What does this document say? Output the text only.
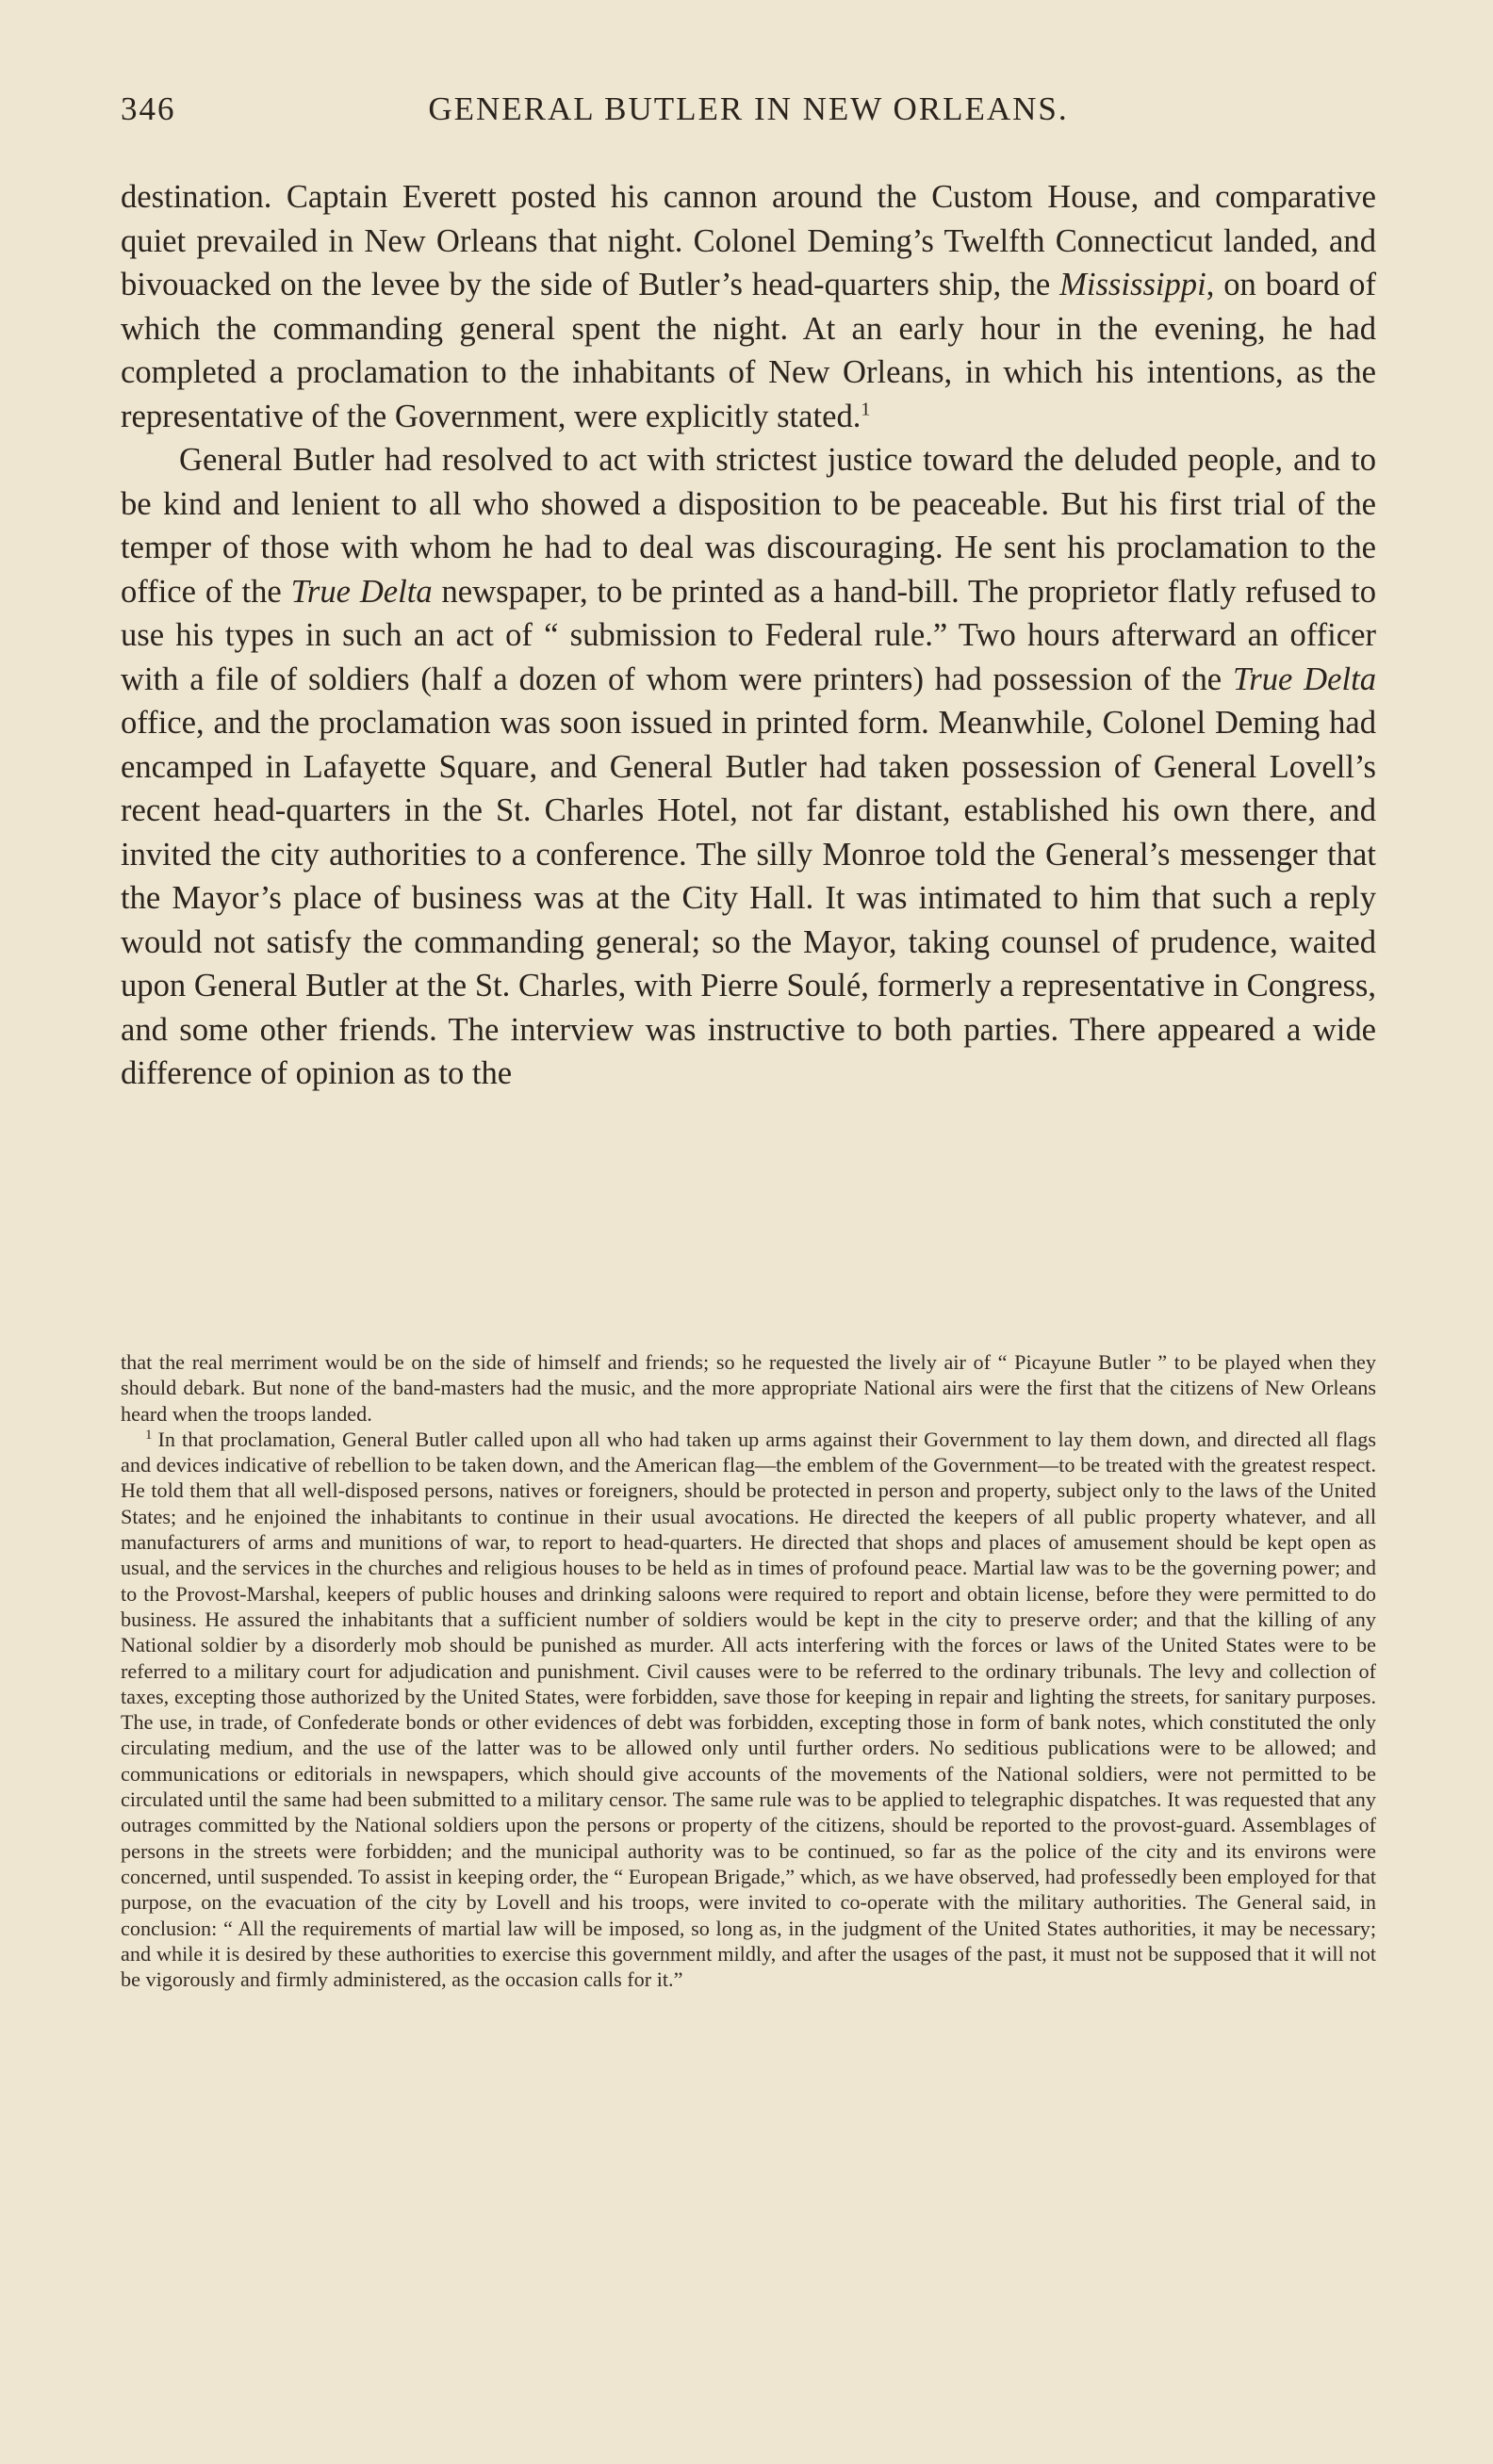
346	GENERAL BUTLER IN NEW ORLEANS.

destination. Captain Everett posted his cannon around the Custom House, and comparative quiet prevailed in New Orleans that night. Colonel Deming’s Twelfth Connecticut landed, and bivouacked on the levee by the side of Butler’s head-quarters ship, the Mississippi, on board of which the commanding general spent the night. At an early hour in the evening, he had completed a proclamation to the inhabitants of New Orleans, in which his intentions, as the representative of the Government, were explicitly stated.$^1$

General Butler had resolved to act with strictest justice toward the deluded people, and to be kind and lenient to all who showed a disposition to be peaceable. But his first trial of the temper of those with whom he had to deal was discouraging. He sent his proclamation to the office of the True Delta newspaper, to be printed as a hand-bill. The proprietor flatly refused to use his types in such an act of “ submission to Federal rule.” Two hours afterward an officer with a file of soldiers (half a dozen of whom were printers) had possession of the True Delta office, and the proclamation was soon issued in printed form. Meanwhile, Colonel Deming had encamped in Lafayette Square, and General Butler had taken possession of General Lovell’s recent head-quarters in the St. Charles Hotel, not far distant, established his own there, and invited the city authorities to a conference. The silly Monroe told the General’s messenger that the Mayor’s place of business was at the City Hall. It was intimated to him that such a reply would not satisfy the commanding general; so the Mayor, taking counsel of prudence, waited upon General Butler at the St. Charles, with Pierre Soulé, formerly a representative in Congress, and some other friends. The interview was instructive to both parties. There appeared a wide difference of opinion as to the

that the real merriment would be on the side of himself and friends; so he requested the lively air of “ Picayune Butler ” to be played when they should debark. But none of the band-masters had the music, and the more appropriate National airs were the first that the citizens of New Orleans heard when the troops landed.

$^1$ In that proclamation, General Butler called upon all who had taken up arms against their Government to lay them down, and directed all flags and devices indicative of rebellion to be taken down, and the American flag—the emblem of the Government—to be treated with the greatest respect. He told them that all well-disposed persons, natives or foreigners, should be protected in person and property, subject only to the laws of the United States; and he enjoined the inhabitants to continue in their usual avocations. He directed the keepers of all public property whatever, and all manufacturers of arms and munitions of war, to report to head-quarters. He directed that shops and places of amusement should be kept open as usual, and the services in the churches and religious houses to be held as in times of profound peace. Martial law was to be the governing power; and to the Provost-Marshal, keepers of public houses and drinking saloons were required to report and obtain license, before they were permitted to do business. He assured the inhabitants that a sufficient number of soldiers would be kept in the city to preserve order; and that the killing of any National soldier by a disorderly mob should be punished as murder. All acts interfering with the forces or laws of the United States were to be referred to a military court for adjudication and punishment. Civil causes were to be referred to the ordinary tribunals. The levy and collection of taxes, excepting those authorized by the United States, were forbidden, save those for keeping in repair and lighting the streets, for sanitary purposes. The use, in trade, of Confederate bonds or other evidences of debt was forbidden, excepting those in form of bank notes, which constituted the only circulating medium, and the use of the latter was to be allowed only until further orders. No seditious publications were to be allowed; and communications or editorials in newspapers, which should give accounts of the movements of the National soldiers, were not permitted to be circulated until the same had been submitted to a military censor. The same rule was to be applied to telegraphic dispatches. It was requested that any outrages committed by the National soldiers upon the persons or property of the citizens, should be reported to the provost-guard. Assemblages of persons in the streets were forbidden; and the municipal authority was to be continued, so far as the police of the city and its environs were concerned, until suspended. To assist in keeping order, the “ European Brigade,” which, as we have observed, had professedly been employed for that purpose, on the evacuation of the city by Lovell and his troops, were invited to co-operate with the military authorities. The General said, in conclusion: “ All the requirements of martial law will be imposed, so long as, in the judgment of the United States authorities, it may be necessary; and while it is desired by these authorities to exercise this government mildly, and after the usages of the past, it must not be supposed that it will not be vigorously and firmly administered, as the occasion calls for it.”
